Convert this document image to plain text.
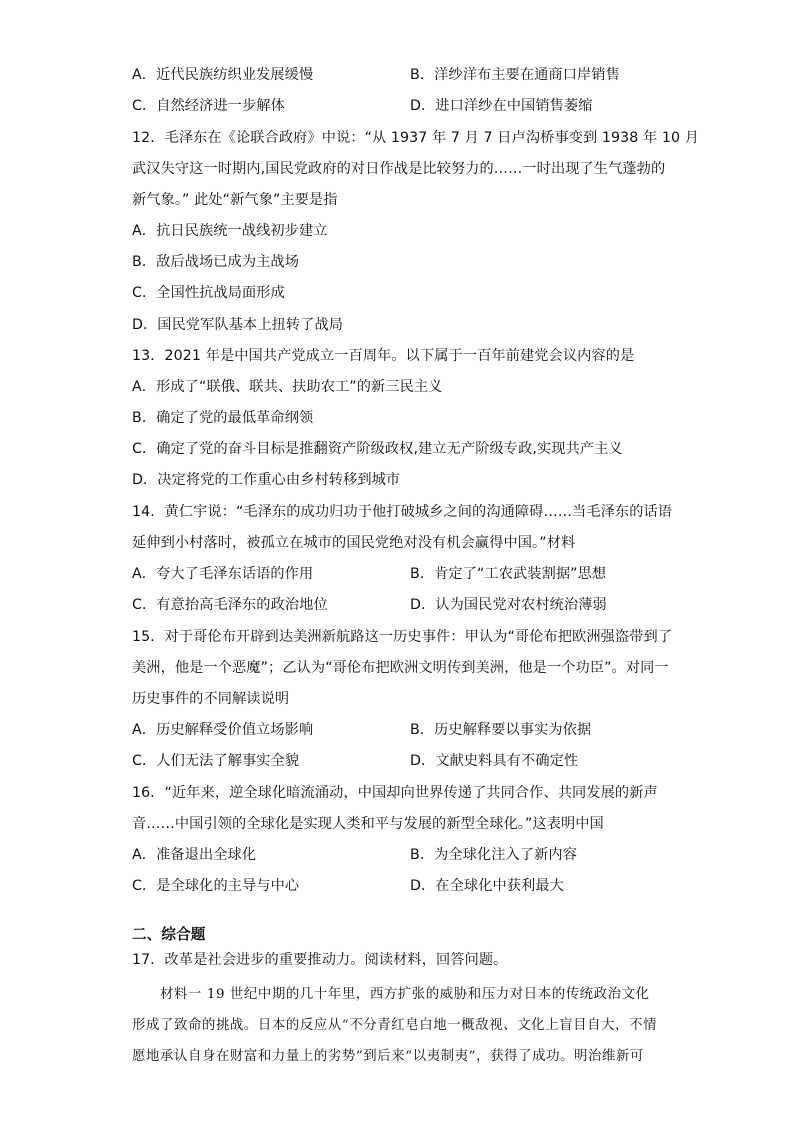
A．近代民族纺织业发展缓慢	B．洋纱洋布主要在通商口岸销售
C．自然经济进一步解体	D．进口洋纱在中国销售萎缩
12．毛泽东在《论联合政府》中说：“从 1937 年 7 月 7 日卢沟桥事变到 1938 年 10 月
武汉失守这一时期内,国民党政府的对日作战是比较努力的……一时出现了生气蓬勃的
新气象。” 此处“新气象”主要是指
A．抗日民族统一战线初步建立
B．敌后战场已成为主战场
C．全国性抗战局面形成
D．国民党军队基本上扭转了战局
13．2021 年是中国共产党成立一百周年。以下属于一百年前建党会议内容的是
A．形成了“联俄、联共、扶助农工”的新三民主义
B．确定了党的最低革命纲领
C．确定了党的奋斗目标是推翻资产阶级政权,建立无产阶级专政,实现共产主义
D．决定将党的工作重心由乡村转移到城市
14．黄仁宇说：“毛泽东的成功归功于他打破城乡之间的沟通障碍……当毛泽东的话语
延伸到小村落时，被孤立在城市的国民党绝对没有机会赢得中国。”材料
A．夸大了毛泽东话语的作用	B．肯定了“工农武装割据”思想
C．有意抬高毛泽东的政治地位	D．认为国民党对农村统治薄弱
15．对于哥伦布开辟到达美洲新航路这一历史事件：甲认为“哥伦布把欧洲强盗带到了
美洲，他是一个恶魔”；乙认为“哥伦布把欧洲文明传到美洲，他是一个功臣”。对同一
历史事件的不同解读说明
A．历史解释受价值立场影响	B．历史解释要以事实为依据
C．人们无法了解事实全貌	D．文献史料具有不确定性
16．“近年来，逆全球化暗流涌动，中国却向世界传递了共同合作、共同发展的新声
音……中国引领的全球化是实现人类和平与发展的新型全球化。”这表明中国
A．准备退出全球化	B．为全球化注入了新内容
C．是全球化的主导与中心	D．在全球化中获利最大
二、综合题
17．改革是社会进步的重要推动力。阅读材料，回答问题。
材料一 19 世纪中期的几十年里，西方扩张的威胁和压力对日本的传统政治文化
形成了致命的挑战。日本的反应从“不分青红皂白地一概敌视、文化上盲目自大，不情
愿地承认自身在财富和力量上的劣势”到后来“以夷制夷”，获得了成功。明治维新可
